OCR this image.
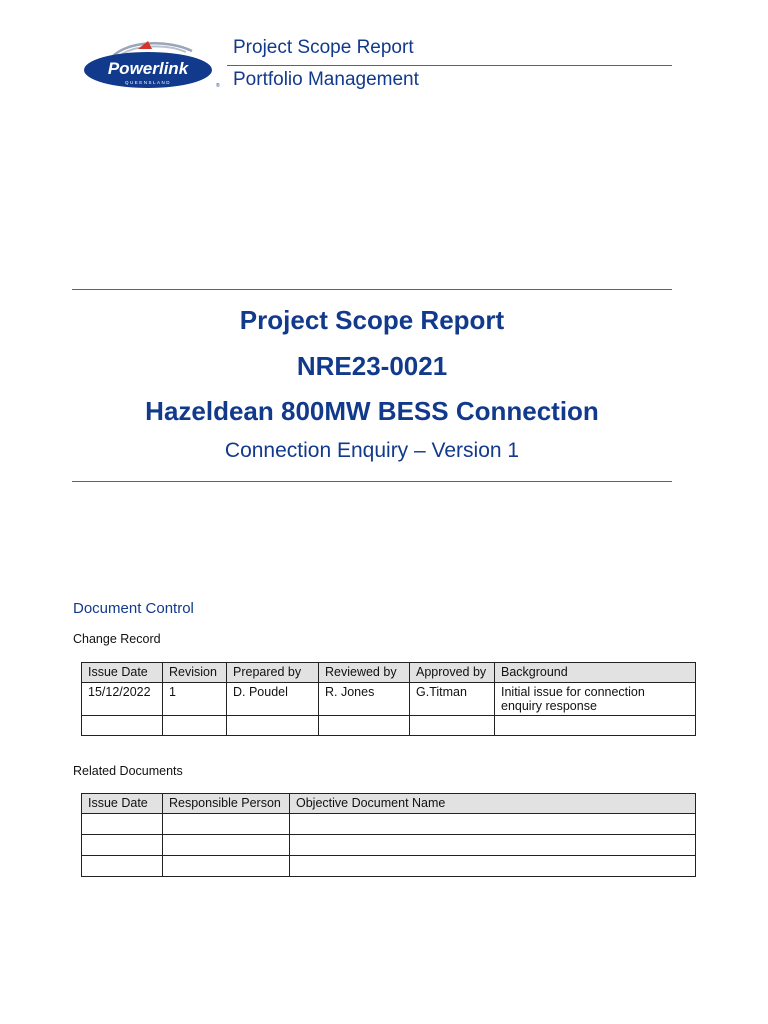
Powerlink
QUEENSLAND
®
Project Scope Report
Portfolio Management
Project Scope Report
NRE23-0021
Hazeldean 800MW BESS Connection
Connection Enquiry – Version 1
Document Control
Change Record
Issue Date	Revision	Prepared by	Reviewed by	Approved by	Background
15/12/2022	1	D. Poudel	R. Jones	G.Titman	Initial issue for connection enquiry response

Related Documents
Issue Date	Responsible Person	Objective Document Name
